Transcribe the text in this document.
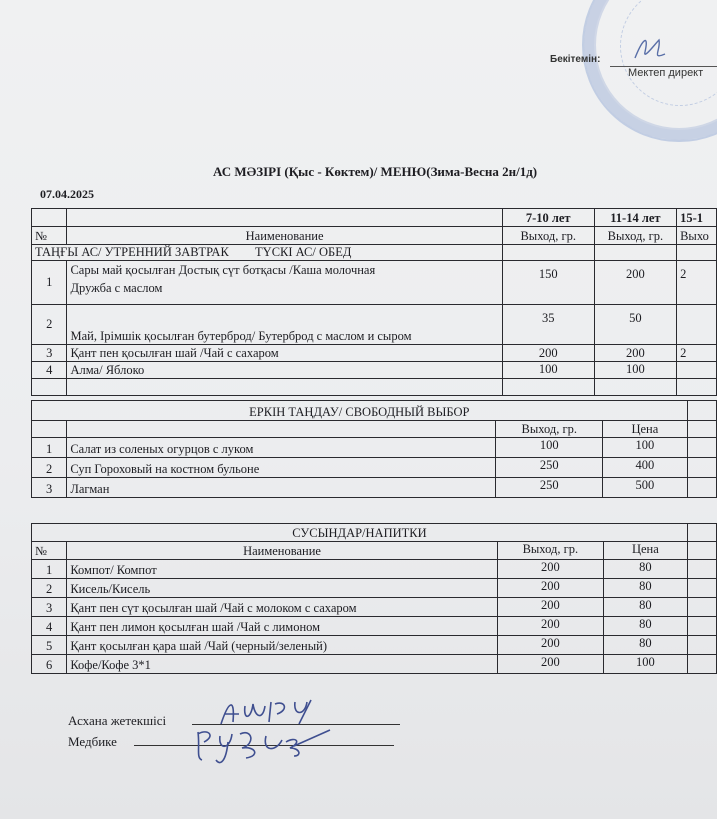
Бекітемін:
Мектеп директ
АС МӘЗІРІ (Қыс - Көктем)/ МЕНЮ(Зима-Весна 2н/1д)
07.04.2025
		7-10 лет	11-14 лет	15-1
№	Наименование	Выход, гр.	Выход, гр.	Выхо
ТАҢҒЫ АС/ УТРЕННИЙ ЗАВТРАК ТҮСКІ АС/ ОБЕД				
1	Сары май қосылған Достық сүт ботқасы /Каша молочная
Дружба с маслом	150	200	2
2	Май, Ірімшік қосылған бутерброд/ Бутерброд с маслом и сыром	35	50	
3	Қант пен қосылған шай /Чай с сахаром	200	200	2
4	Алма/ Яблоко	100	100	

ЕРКІН ТАҢДАУ/ СВОБОДНЫЙ ВЫБОР				
		Выход, гр.	Цена	
1	Салат из соленых огурцов с луком	100	100	
2	Суп Гороховый на костном бульоне	250	400	
3	Лагман	250	500	
СУСЫНДАР/НАПИТКИ				
№	Наименование	Выход, гр.	Цена	
1	Компот/ Компот	200	80	
2	Кисель/Кисель	200	80	
3	Қант пен сүт қосылған шай /Чай с молоком с сахаром	200	80	
4	Қант пен лимон қосылған шай /Чай с лимоном	200	80	
5	Қант қосылған қара шай /Чай (черный/зеленый)	200	80	
6	Кофе/Кофе 3*1	200	100	
Асхана жетекшісі
Медбике
